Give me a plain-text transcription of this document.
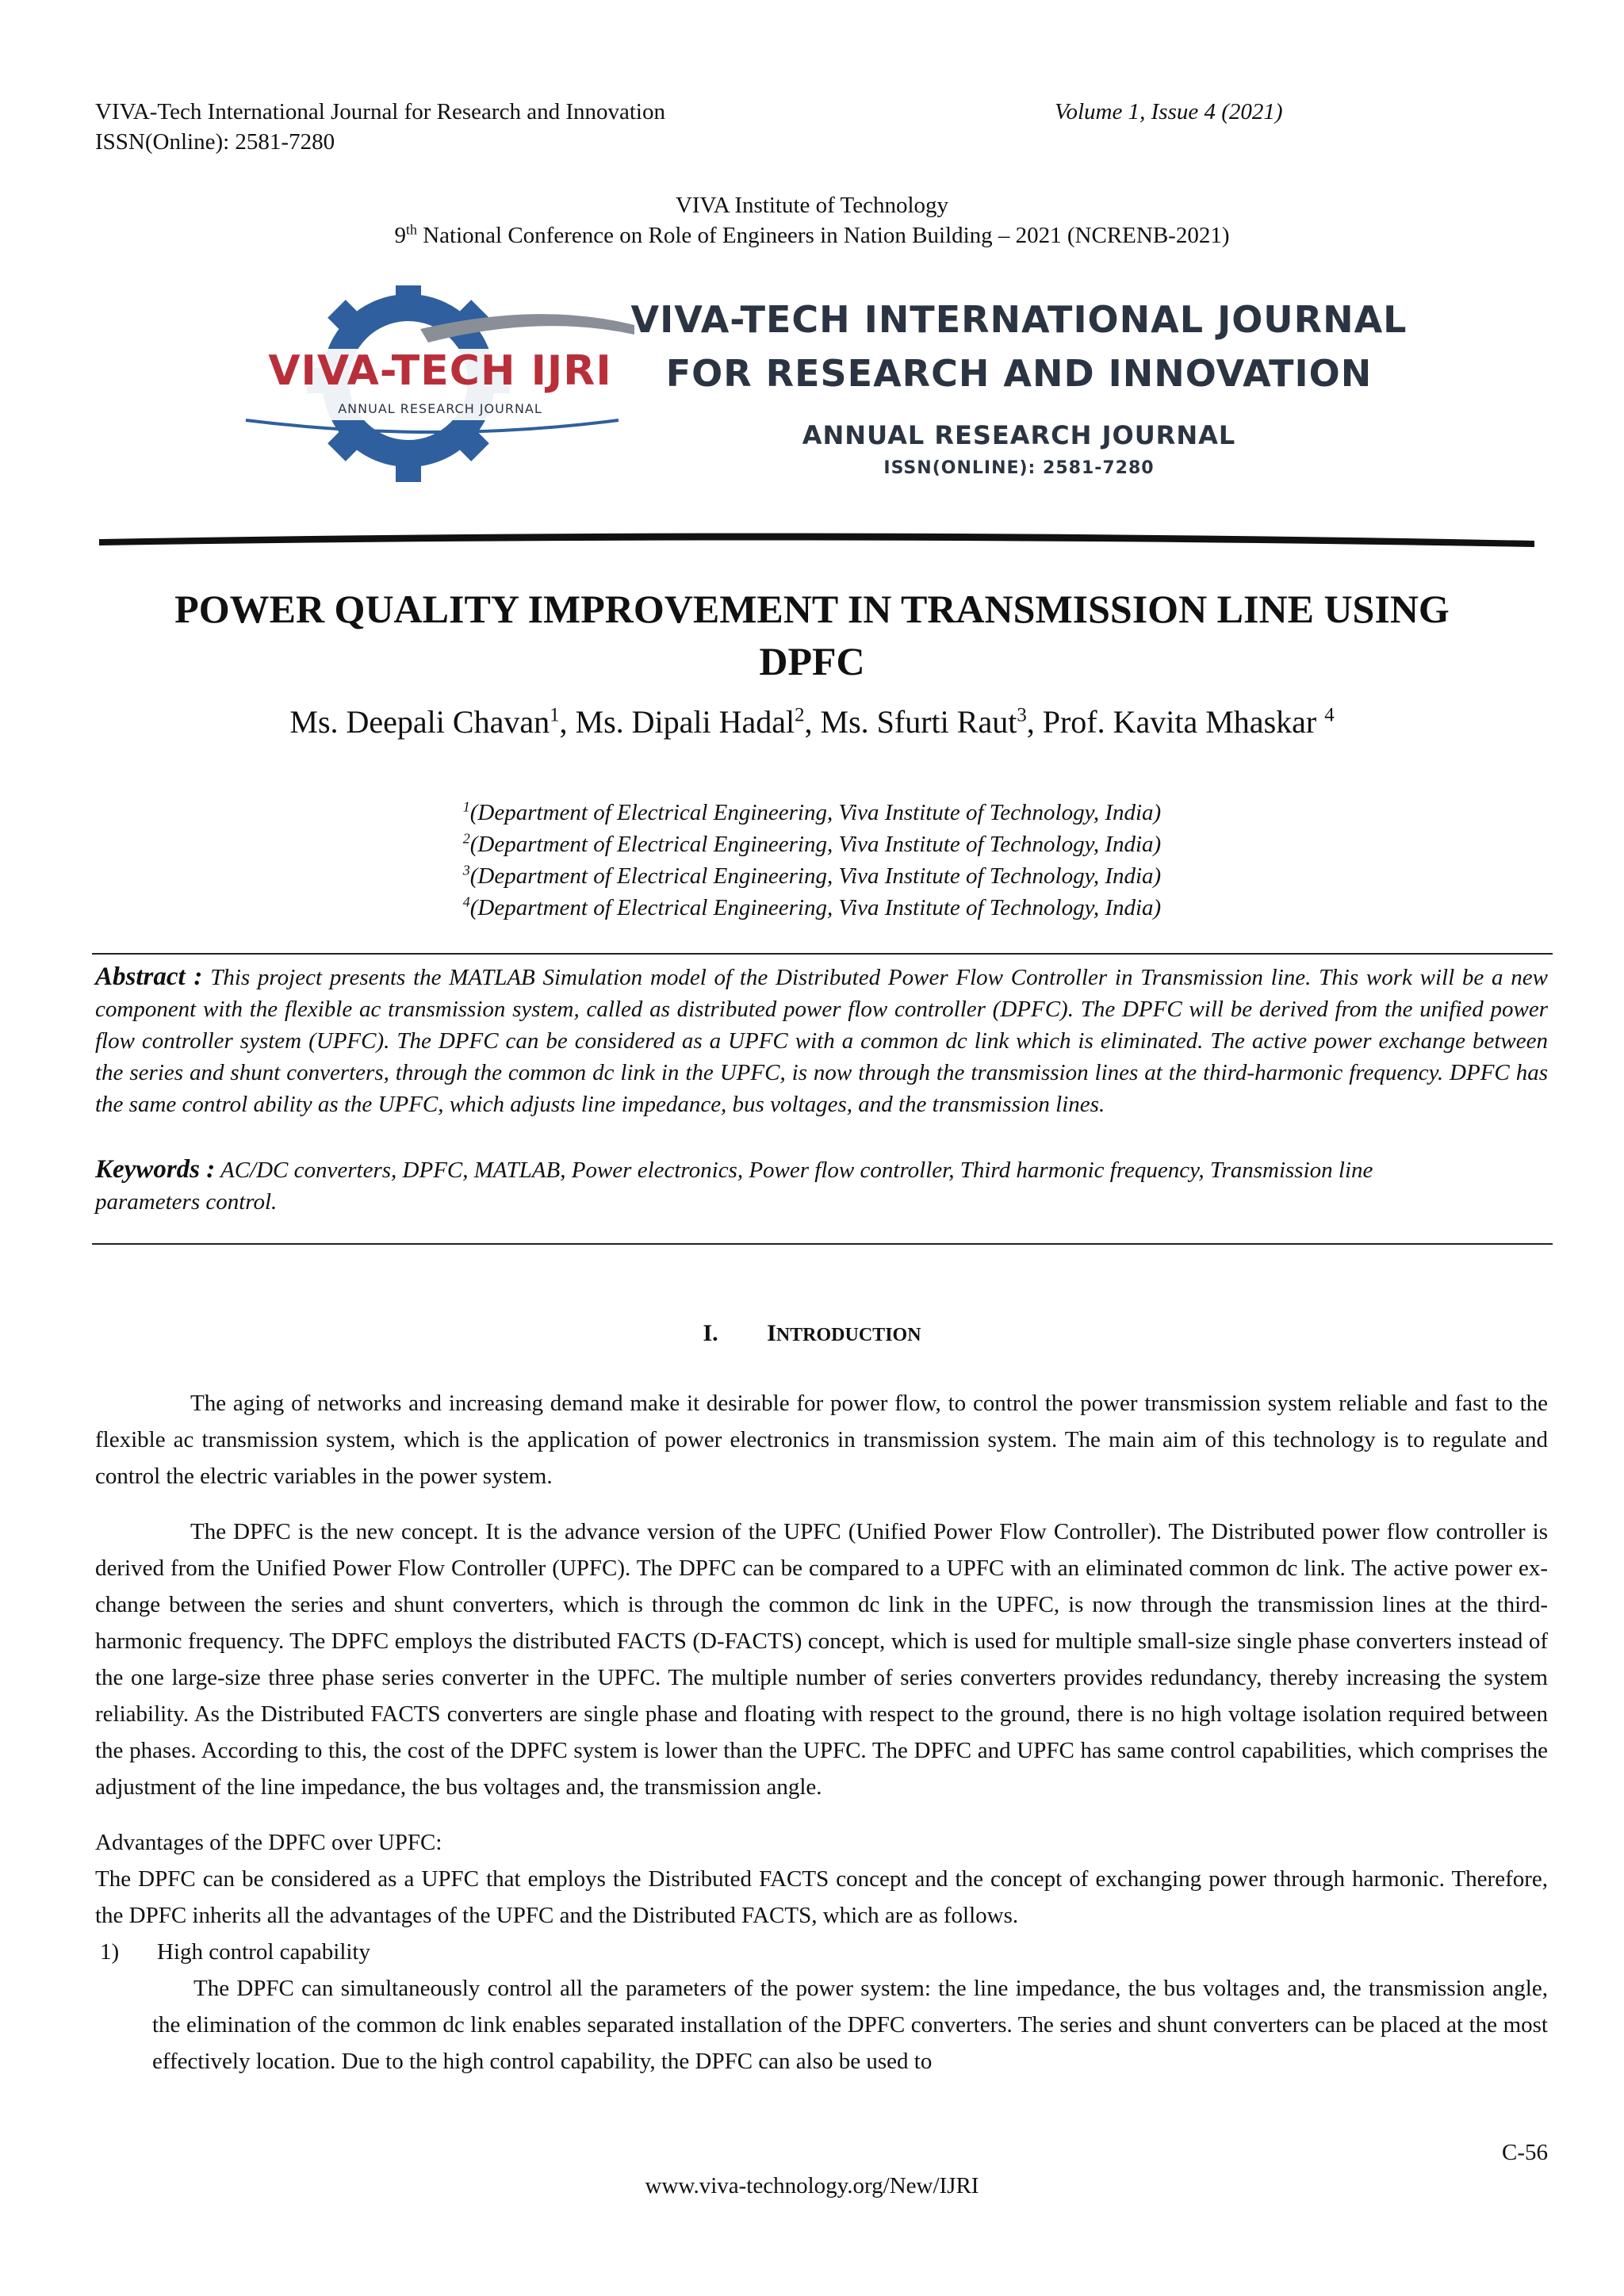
VIVA-Tech International Journal for Research and Innovation
ISSN(Online): 2581-7280
Volume 1, Issue 4 (2021)
VIVA Institute of Technology
9th National Conference on Role of Engineers in Nation Building – 2021 (NCRENB-2021)
VIVA-TECH IJRI
ANNUAL RESEARCH JOURNAL
VIVA-TECH INTERNATIONAL JOURNAL
FOR RESEARCH AND INNOVATION
ANNUAL RESEARCH JOURNAL
ISSN(ONLINE): 2581-7280
POWER QUALITY IMPROVEMENT IN TRANSMISSION LINE USING
DPFC
Ms. Deepali Chavan$^1$, Ms. Dipali Hadal$^2$, Ms. Sfurti Raut$^3$, Prof. Kavita Mhaskar $^4$
$^1$(Department of Electrical Engineering, Viva Institute of Technology, India)
$^2$(Department of Electrical Engineering, Viva Institute of Technology, India)
$^3$(Department of Electrical Engineering, Viva Institute of Technology, India)
$^4$(Department of Electrical Engineering, Viva Institute of Technology, India)
Abstract : This project presents the MATLAB Simulation model of the Distributed Power Flow Controller in Transmission line. This work will be a new component with the flexible ac transmission system, called as distributed power flow controller (DPFC). The DPFC will be derived from the unified power flow controller system (UPFC). The DPFC can be considered as a UPFC with a common dc link which is eliminated. The active power exchange between the series and shunt converters, through the common dc link in the UPFC, is now through the transmission lines at the third-harmonic frequency. DPFC has the same control ability as the UPFC, which adjusts line impedance, bus voltages, and the transmission lines.
Keywords : AC/DC converters, DPFC, MATLAB, Power electronics, Power flow controller, Third harmonic frequency, Transmission line parameters control.
I. INTRODUCTION

The aging of networks and increasing demand make it desirable for power flow, to control the power transmission system reliable and fast to the flexible ac transmission system, which is the application of power electronics in transmission system. The main aim of this technology is to regulate and control the electric variables in the power system.

The DPFC is the new concept. It is the advance version of the UPFC (Unified Power Flow Controller). The Distributed power flow controller is derived from the Unified Power Flow Controller (UPFC). The DPFC can be compared to a UPFC with an eliminated common dc link. The active power ex-change between the series and shunt converters, which is through the common dc link in the UPFC, is now through the transmission lines at the third-harmonic frequency. The DPFC employs the distributed FACTS (D-FACTS) concept, which is used for multiple small-size single phase converters instead of the one large-size three phase series converter in the UPFC. The multiple number of series converters provides redundancy, thereby increasing the system reliability. As the Distributed FACTS converters are single phase and floating with respect to the ground, there is no high voltage isolation required between the phases. According to this, the cost of the DPFC system is lower than the UPFC. The DPFC and UPFC has same control capabilities, which comprises the adjustment of the line impedance, the bus voltages and, the transmission angle.

Advantages of the DPFC over UPFC:

The DPFC can be considered as a UPFC that employs the Distributed FACTS concept and the concept of exchanging power through harmonic. Therefore, the DPFC inherits all the advantages of the UPFC and the Distributed FACTS, which are as follows.

1) High control capability

The DPFC can simultaneously control all the parameters of the power system: the line impedance, the bus voltages and, the transmission angle, the elimination of the common dc link enables separated installation of the DPFC converters. The series and shunt converters can be placed at the most effectively location. Due to the high control capability, the DPFC can also be used to

C-56
www.viva-technology.org/New/IJRI
